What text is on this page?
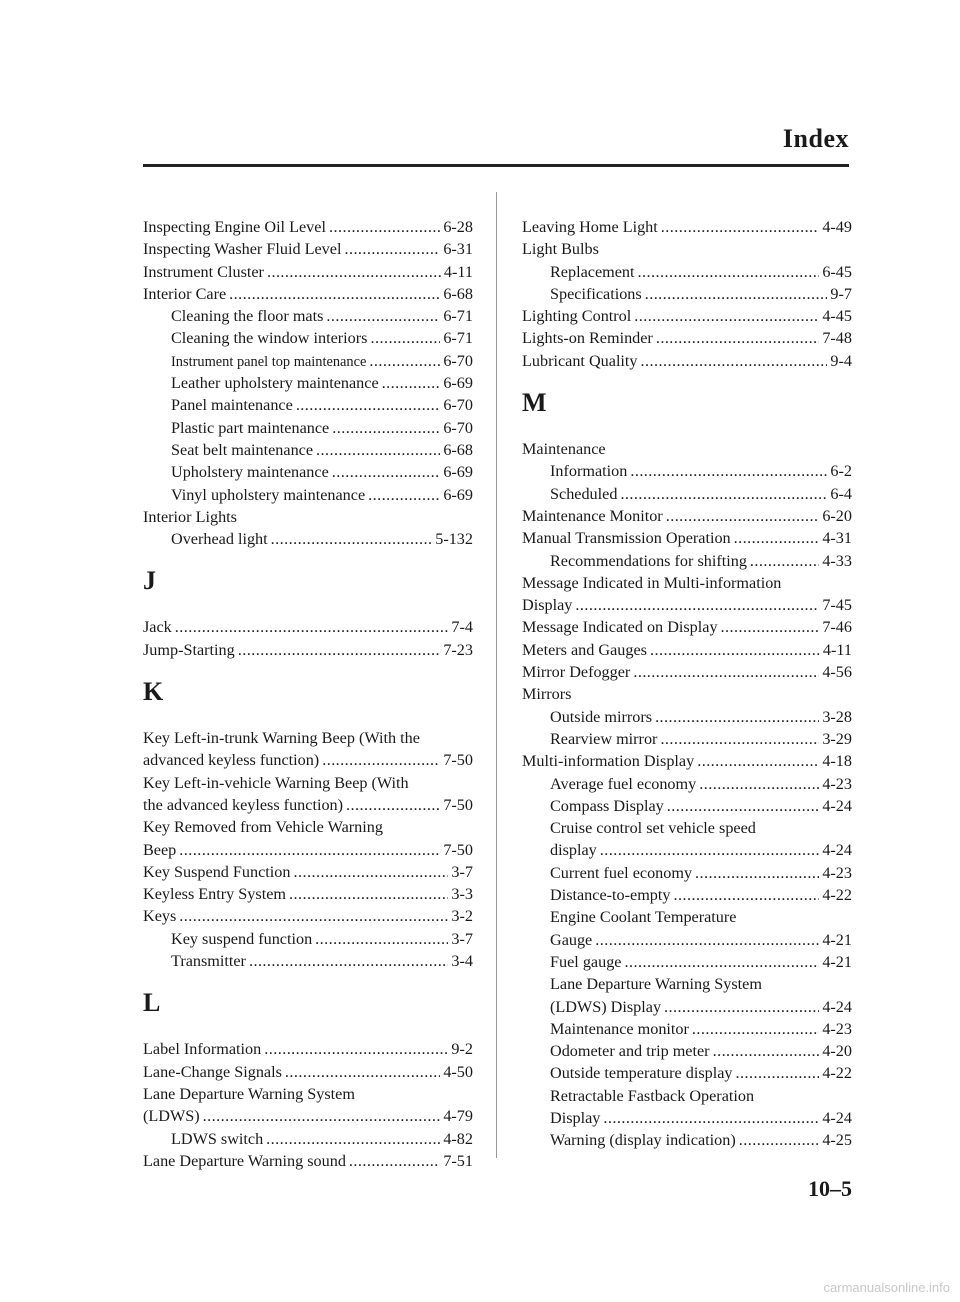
Index
Inspecting Engine Oil Level . . .	6-28
Inspecting Washer Fluid Level . . .	6-31
Instrument Cluster . . .	4-11
Interior Care . . .	6-68
Cleaning the floor mats . . .	6-71
Cleaning the window interiors . . .	6-71
Instrument panel top maintenance . . .	6-70
Leather upholstery maintenance . . .	6-69
Panel maintenance . . .	6-70
Plastic part maintenance . . .	6-70
Seat belt maintenance . . .	6-68
Upholstery maintenance . . .	6-69
Vinyl upholstery maintenance . . .	6-69
Interior Lights
Overhead light . . .	5-132
J
Jack . . .	7-4
Jump-Starting . . .	7-23
K
Key Left-in-trunk Warning Beep (With the
advanced keyless function) . . .	7-50
Key Left-in-vehicle Warning Beep (With
the advanced keyless function) . . .	7-50
Key Removed from Vehicle Warning
Beep . . .	7-50
Key Suspend Function . . .	3-7
Keyless Entry System . . .	3-3
Keys . . .	3-2
Key suspend function . . .	3-7
Transmitter . . .	3-4
L
Label Information . . .	9-2
Lane-Change Signals . . .	4-50
Lane Departure Warning System
(LDWS) . . .	4-79
LDWS switch . . .	4-82
Lane Departure Warning sound . . .	7-51
Leaving Home Light . . .	4-49
Light Bulbs
Replacement . . .	6-45
Specifications . . .	9-7
Lighting Control . . .	4-45
Lights-on Reminder . . .	7-48
Lubricant Quality . . .	9-4
M
Maintenance
Information . . .	6-2
Scheduled . . .	6-4
Maintenance Monitor . . .	6-20
Manual Transmission Operation . . .	4-31
Recommendations for shifting . . .	4-33
Message Indicated in Multi-information
Display . . .	7-45
Message Indicated on Display . . .	7-46
Meters and Gauges . . .	4-11
Mirror Defogger . . .	4-56
Mirrors
Outside mirrors . . .	3-28
Rearview mirror . . .	3-29
Multi-information Display . . .	4-18
Average fuel economy . . .	4-23
Compass Display . . .	4-24
Cruise control set vehicle speed
display . . .	4-24
Current fuel economy . . .	4-23
Distance-to-empty . . .	4-22
Engine Coolant Temperature
Gauge . . .	4-21
Fuel gauge . . .	4-21
Lane Departure Warning System
(LDWS) Display . . .	4-24
Maintenance monitor . . .	4-23
Odometer and trip meter . . .	4-20
Outside temperature display . . .	4-22
Retractable Fastback Operation
Display . . .	4-24
Warning (display indication) . . .	4-25
10–5
carmanualsonline.info
